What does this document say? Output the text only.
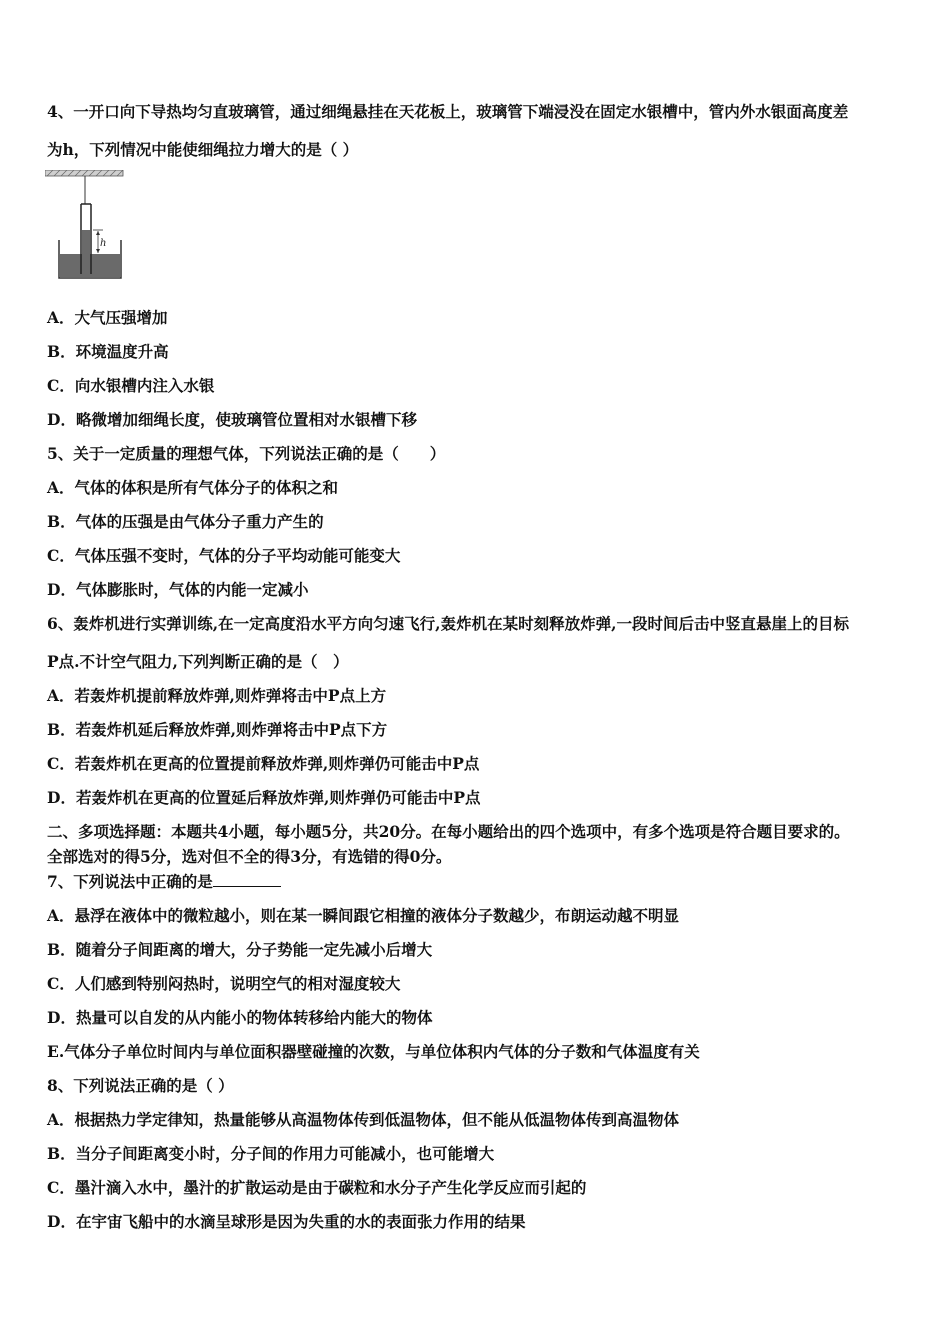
4、一开口向下导热均匀直玻璃管，通过细绳悬挂在天花板上，玻璃管下端浸没在固定水银槽中，管内外水银面高度差
为h，下列情况中能使细绳拉力增大的是（ ）
h
A．大气压强增加
B．环境温度升高
C．向水银槽内注入水银
D．略微增加细绳长度，使玻璃管位置相对水银槽下移
5、关于一定质量的理想气体，下列说法正确的是（　　）
A．气体的体积是所有气体分子的体积之和
B．气体的压强是由气体分子重力产生的
C．气体压强不变时，气体的分子平均动能可能变大
D．气体膨胀时，气体的内能一定减小
6、轰炸机进行实弹训练,在一定高度沿水平方向匀速飞行,轰炸机在某时刻释放炸弹,一段时间后击中竖直悬崖上的目标
P点.不计空气阻力,下列判断正确的是（　）
A．若轰炸机提前释放炸弹,则炸弹将击中P点上方
B．若轰炸机延后释放炸弹,则炸弹将击中P点下方
C．若轰炸机在更高的位置提前释放炸弹,则炸弹仍可能击中P点
D．若轰炸机在更高的位置延后释放炸弹,则炸弹仍可能击中P点
二、多项选择题：本题共4小题，每小题5分，共20分。在每小题给出的四个选项中，有多个选项是符合题目要求的。
全部选对的得5分，选对但不全的得3分，有选错的得0分。
7、下列说法中正确的是
A．悬浮在液体中的微粒越小，则在某一瞬间跟它相撞的液体分子数越少，布朗运动越不明显
B．随着分子间距离的增大，分子势能一定先减小后增大
C．人们感到特别闷热时，说明空气的相对湿度较大
D．热量可以自发的从内能小的物体转移给内能大的物体
E.气体分子单位时间内与单位面积器壁碰撞的次数，与单位体积内气体的分子数和气体温度有关
8、下列说法正确的是（ ）
A．根据热力学定律知，热量能够从高温物体传到低温物体，但不能从低温物体传到高温物体
B．当分子间距离变小时，分子间的作用力可能减小，也可能增大
C．墨汁滴入水中，墨汁的扩散运动是由于碳粒和水分子产生化学反应而引起的
D．在宇宙飞船中的水滴呈球形是因为失重的水的表面张力作用的结果
